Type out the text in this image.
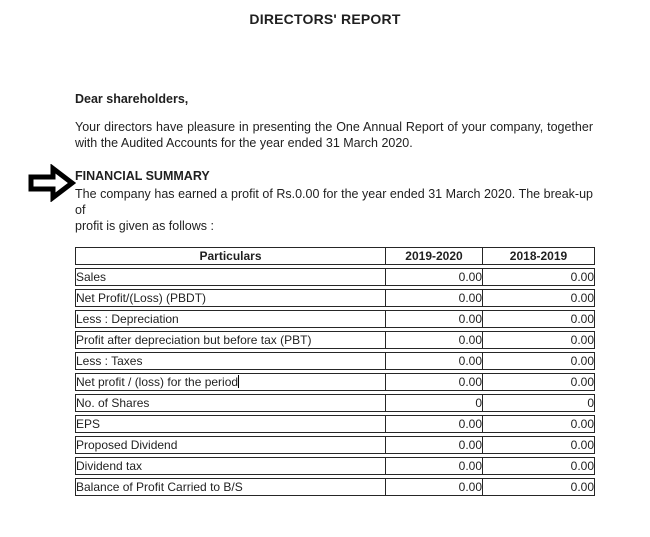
DIRECTORS' REPORT
Dear shareholders,
Your directors have pleasure in presenting the One Annual Report of your company, together
with the Audited Accounts for the year ended 31 March 2020.
FINANCIAL SUMMARY
The company has earned a profit of Rs.0.00 for the year ended 31 March 2020. The break-up of
profit is given as follows :
Particulars	2019-2020	2018-2019
Sales	0.00	0.00
Net Profit/(Loss) (PBDT)	0.00	0.00
Less : Depreciation	0.00	0.00
Profit after depreciation but before tax (PBT)	0.00	0.00
Less : Taxes	0.00	0.00
Net profit / (loss) for the period	0.00	0.00
No. of Shares	0	0
EPS	0.00	0.00
Proposed Dividend	0.00	0.00
Dividend tax	0.00	0.00
Balance of Profit Carried to B/S	0.00	0.00
